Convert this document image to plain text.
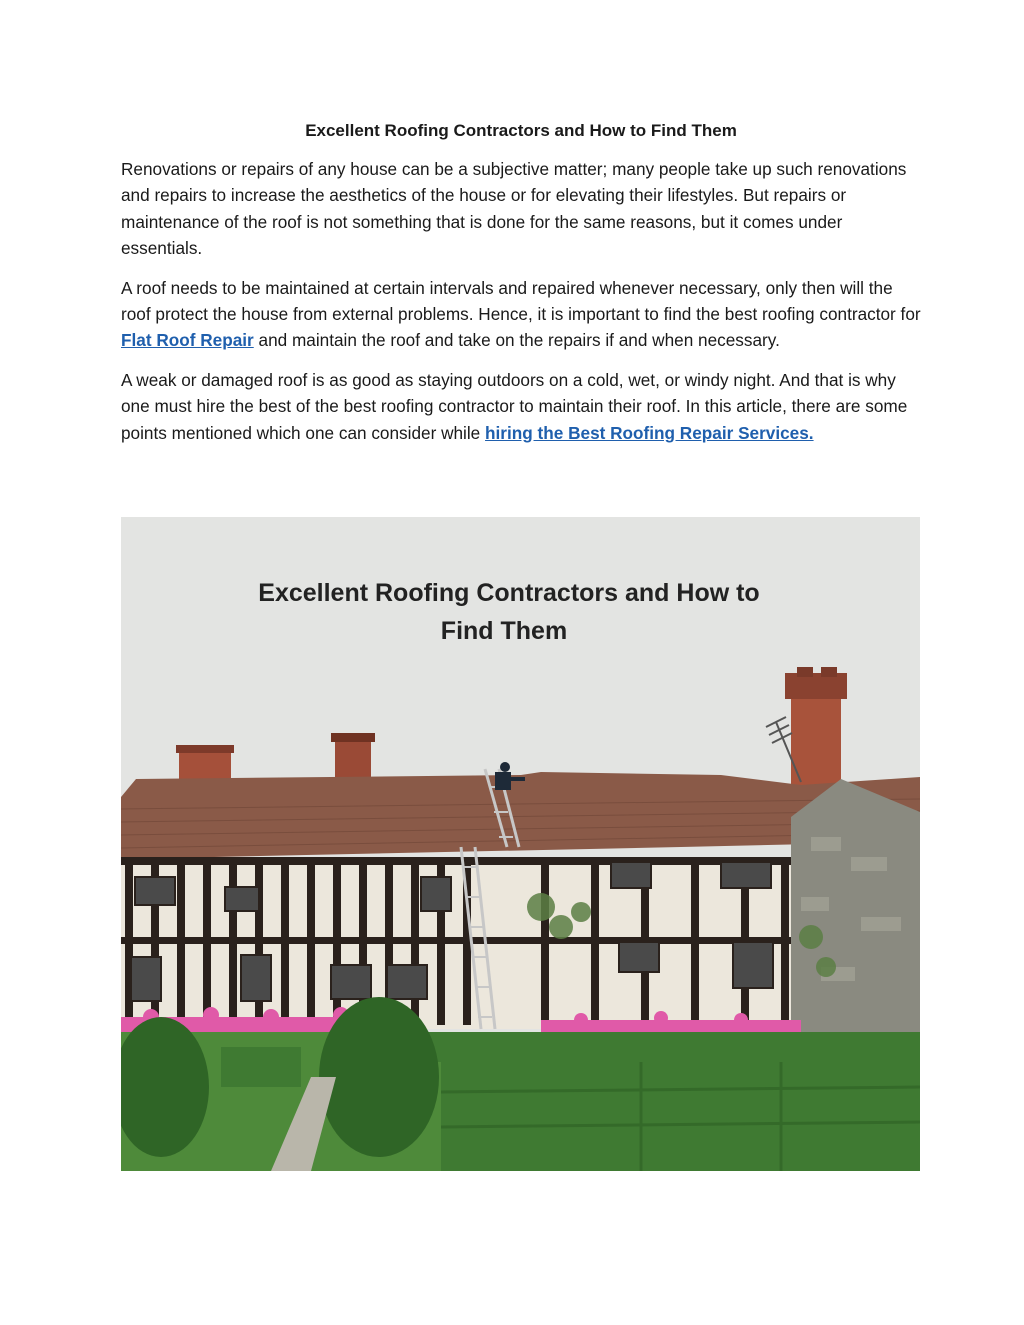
Excellent Roofing Contractors and How to Find Them

Renovations or repairs of any house can be a subjective matter; many people take up such renovations and repairs to increase the aesthetics of the house or for elevating their lifestyles. But repairs or maintenance of the roof is not something that is done for the same reasons, but it comes under essentials.

A roof needs to be maintained at certain intervals and repaired whenever necessary, only then will the roof protect the house from external problems. Hence, it is important to find the best roofing contractor for Flat Roof Repair and maintain the roof and take on the repairs if and when necessary.

A weak or damaged roof is as good as staying outdoors on a cold, wet, or windy night. And that is why one must hire the best of the best roofing contractor to maintain their roof. In this article, there are some points mentioned which one can consider while hiring the Best Roofing Repair Services.

Excellent Roofing Contractors and How to
Find Them
